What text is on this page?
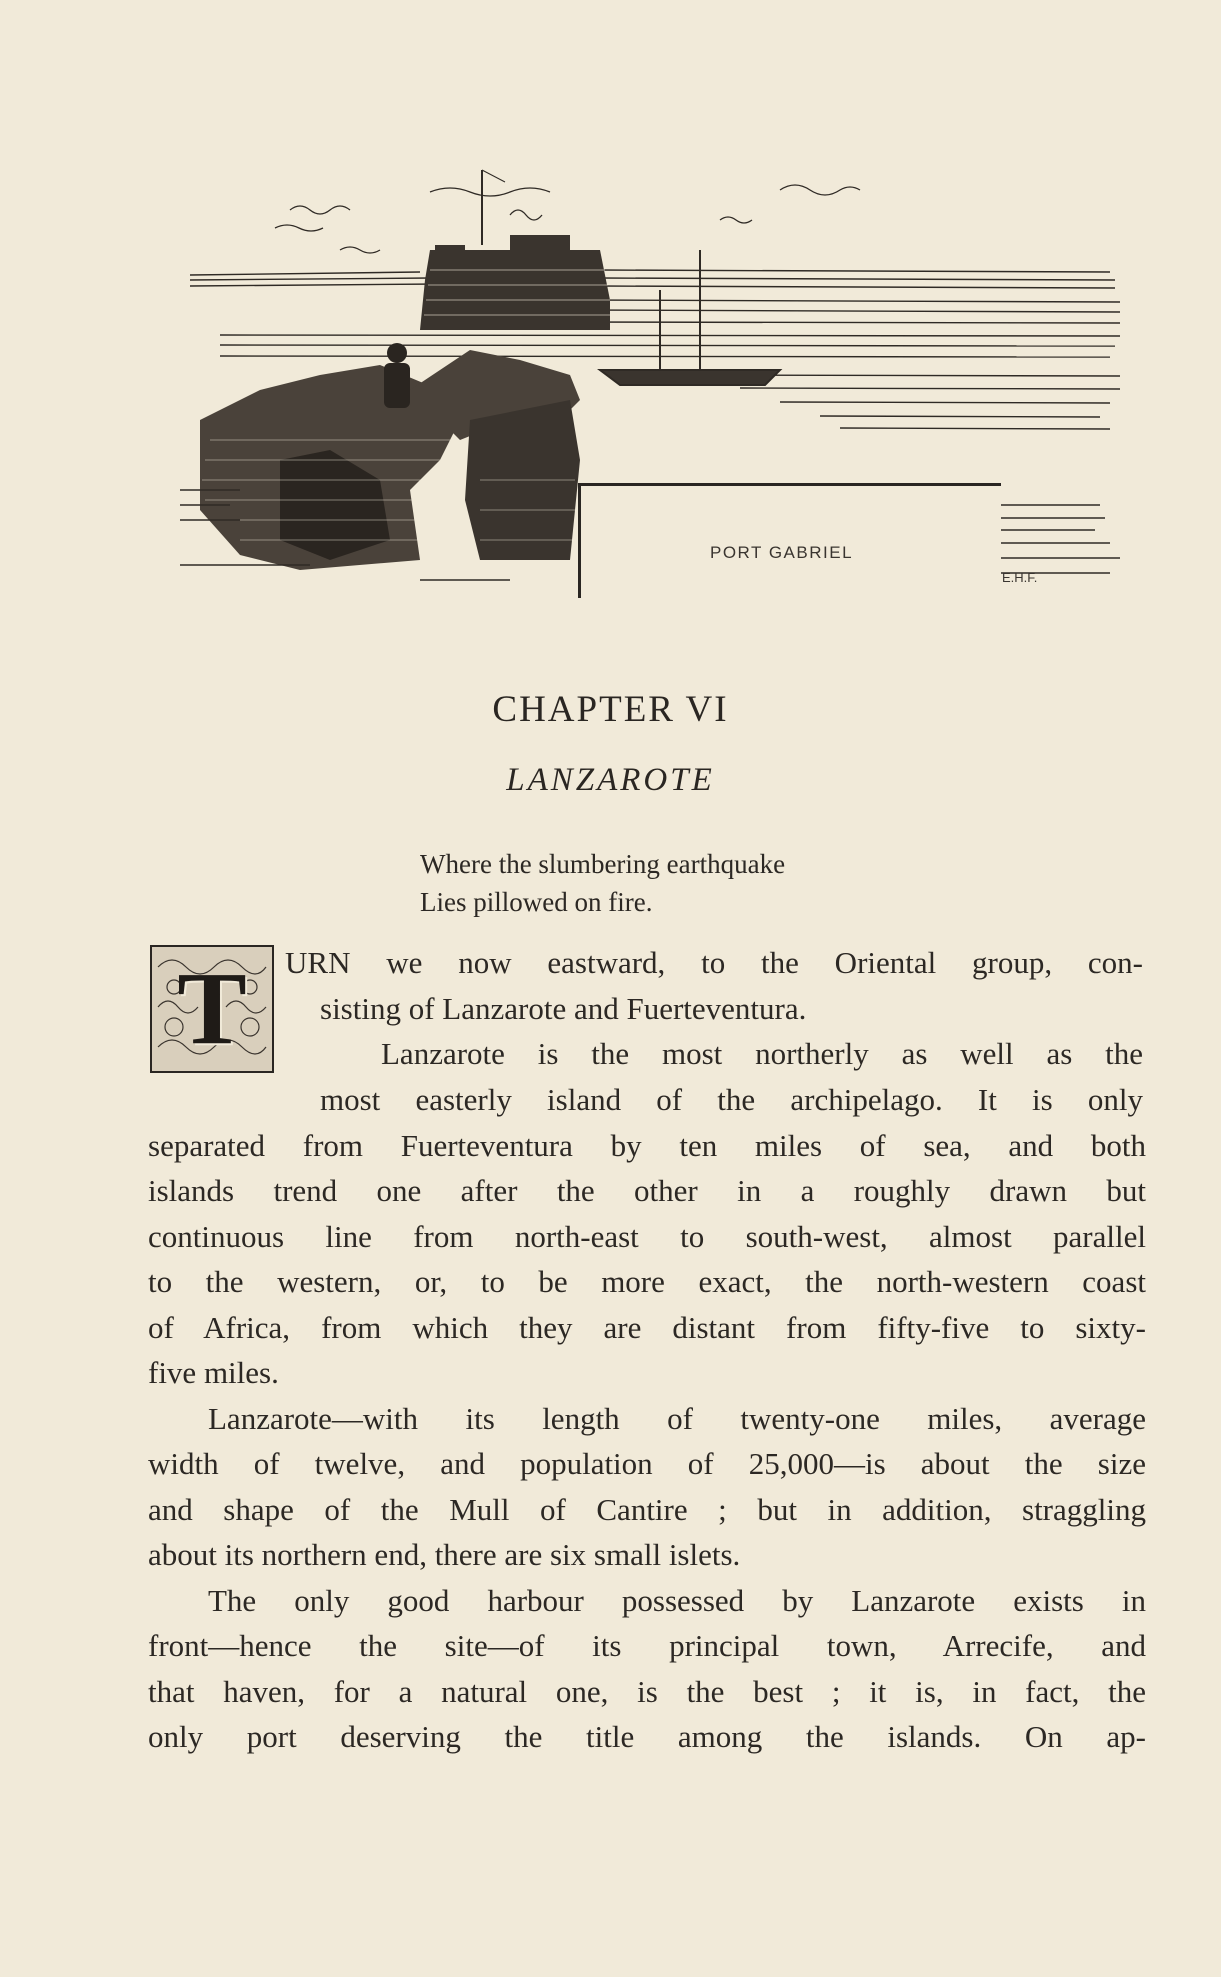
PORT GABRIEL
E.H.F.
CHAPTER VI
LANZAROTE
Where the slumbering earthquake
Lies pillowed on fire.
T	URN we now eastward, to the Oriental group, con-
sisting of Lanzarote and Fuerteventura.
Lanzarote is the most northerly as well as the
most easterly island of the archipelago. It is only
separated from Fuerteventura by ten miles of sea, and both
islands trend one after the other in a roughly drawn but
continuous line from north-east to south-west, almost parallel
to the western, or, to be more exact, the north-western coast
of Africa, from which they are distant from fifty-five to sixty-
five miles.
Lanzarote—with its length of twenty-one miles, average
width of twelve, and population of 25,000—is about the size
and shape of the Mull of Cantire ; but in addition, straggling
about its northern end, there are six small islets.
The only good harbour possessed by Lanzarote exists in
front—hence the site—of its principal town, Arrecife, and
that haven, for a natural one, is the best ; it is, in fact, the
only port deserving the title among the islands. On ap-
